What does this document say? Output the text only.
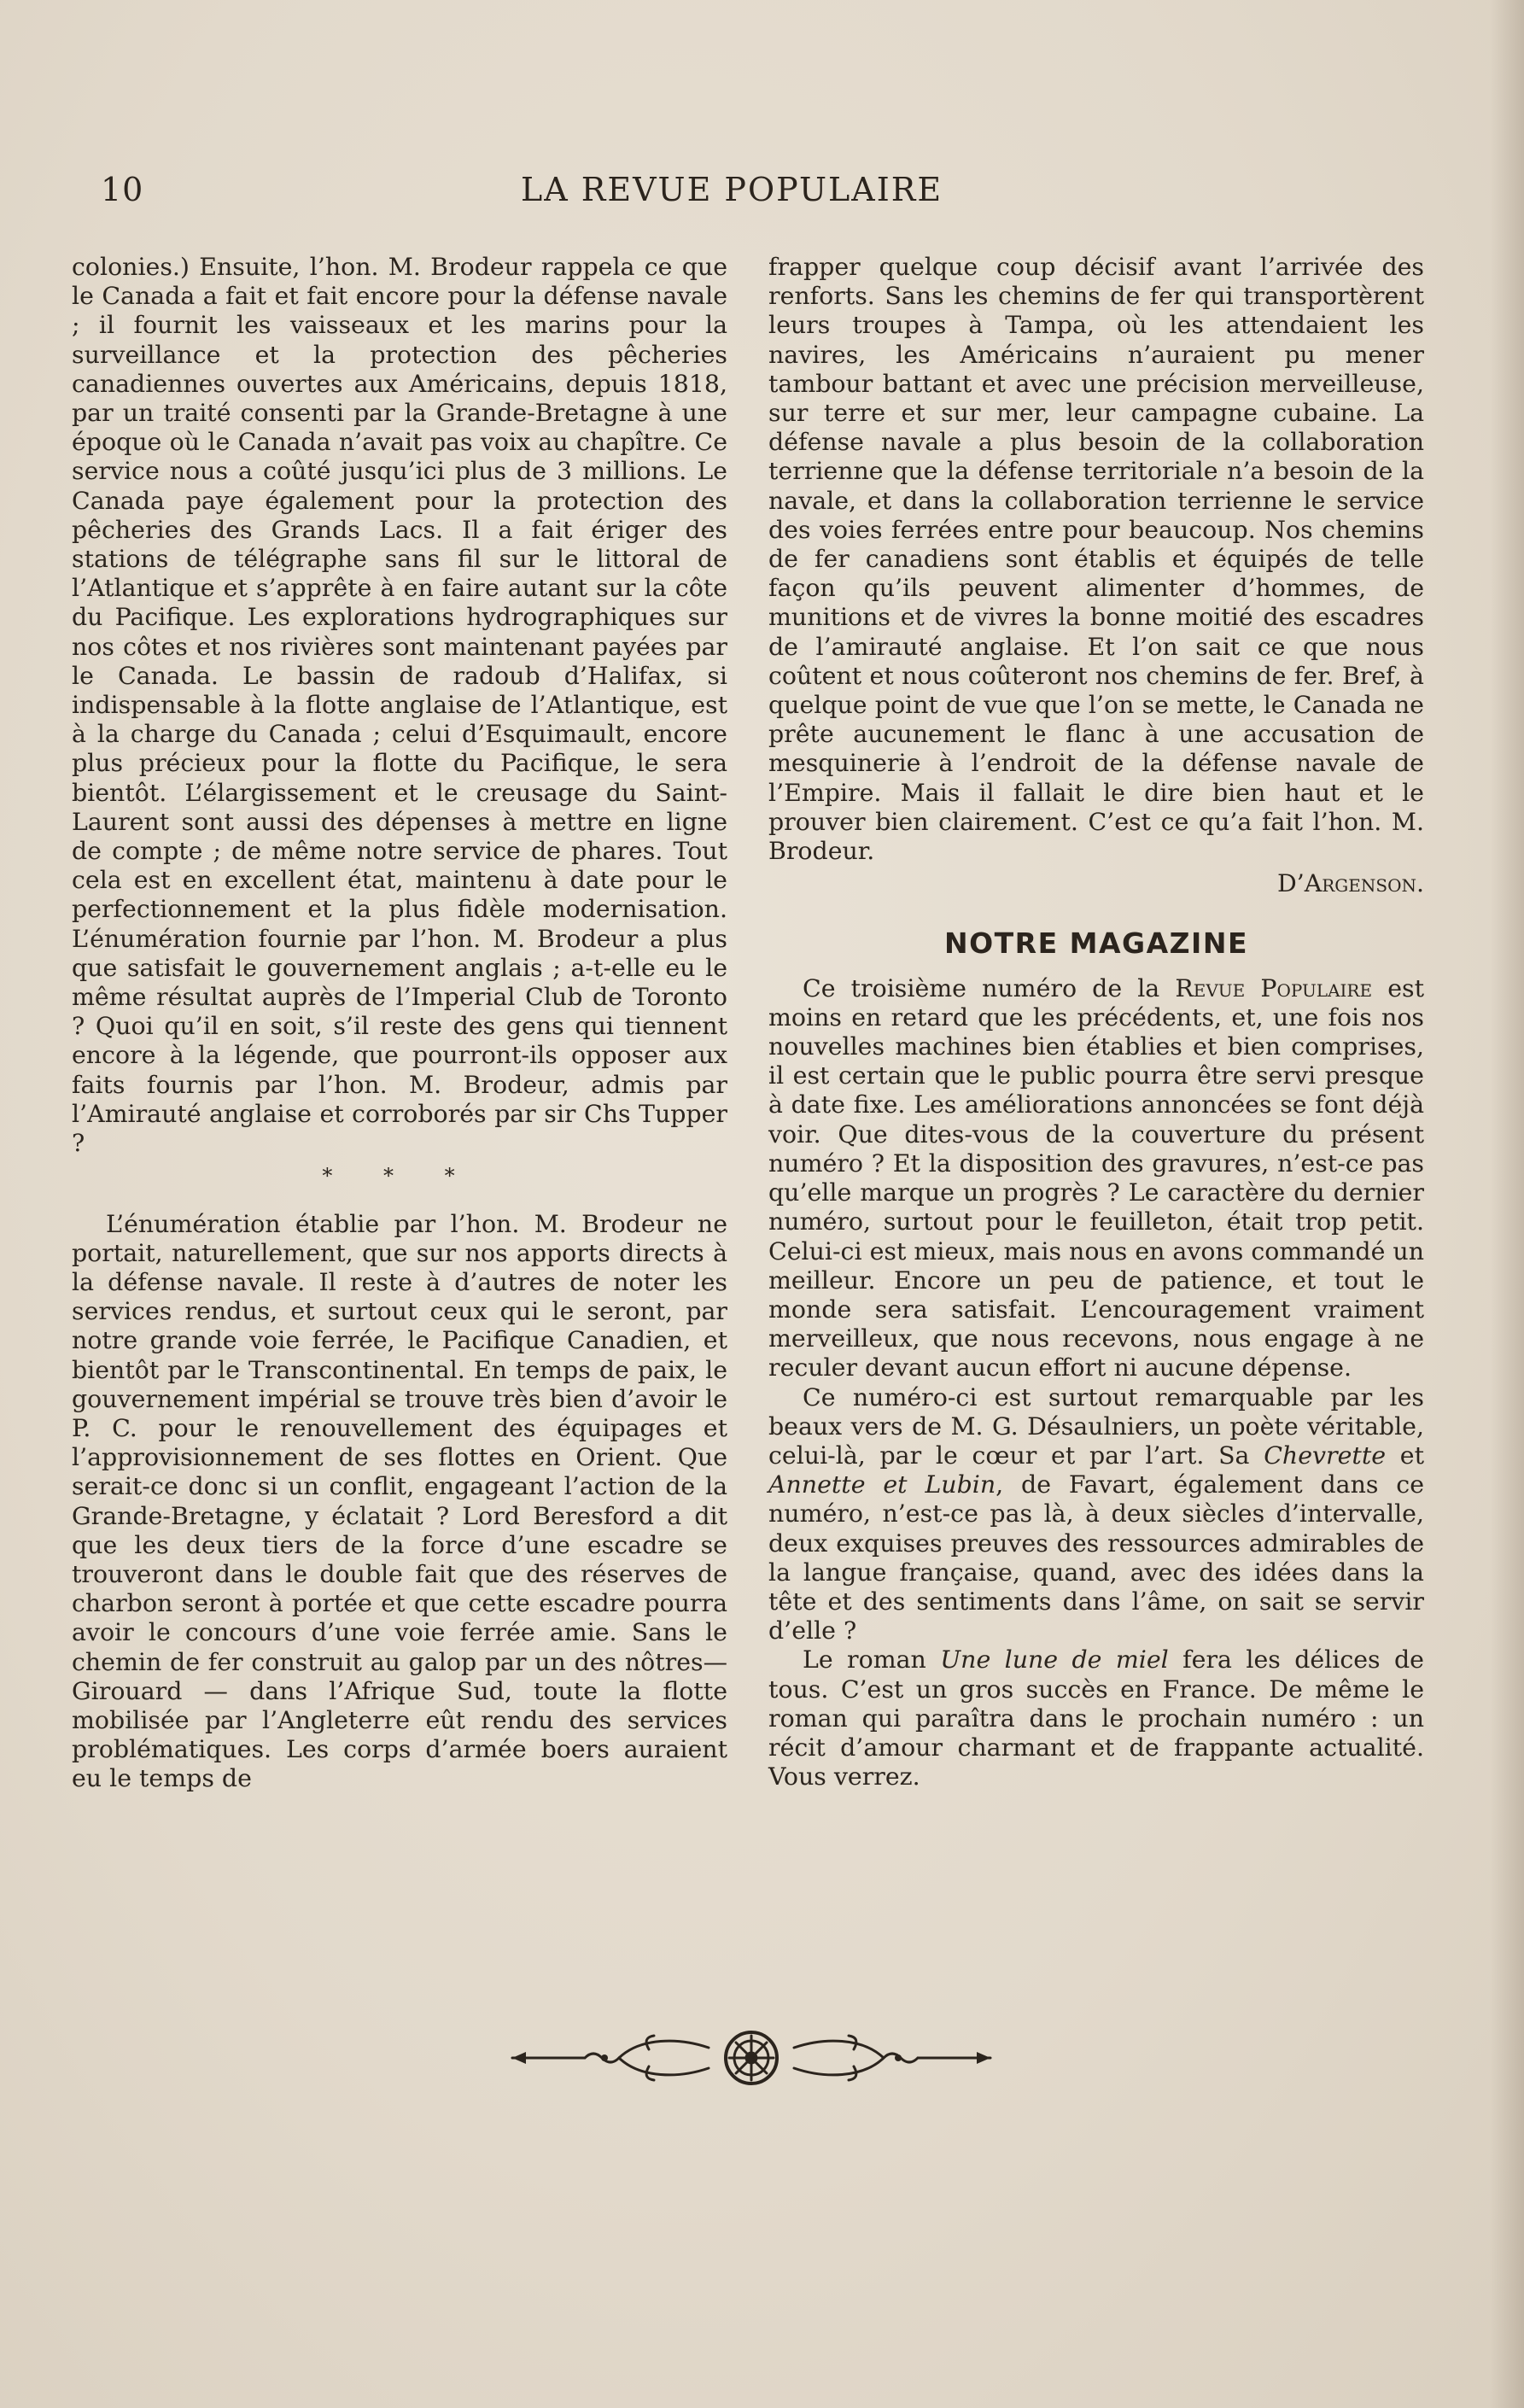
10	LA REVUE POPULAIRE

colonies.) Ensuite, l’hon. M. Brodeur rappela ce que le Canada a fait et fait encore pour la défense navale ; il fournit les vaisseaux et les marins pour la surveillance et la protection des pêcheries canadiennes ouvertes aux Américains, depuis 1818, par un traité consenti par la Grande-Bretagne à une époque où le Canada n’avait pas voix au chapître. Ce service nous a coûté jusqu’ici plus de 3 millions. Le Canada paye également pour la protection des pêcheries des Grands Lacs. Il a fait ériger des stations de télégraphe sans fil sur le littoral de l’Atlantique et s’apprête à en faire autant sur la côte du Pacifique. Les explorations hydrographiques sur nos côtes et nos rivières sont maintenant payées par le Canada. Le bassin de radoub d’Halifax, si indispensable à la flotte anglaise de l’Atlantique, est à la charge du Canada ; celui d’Esquimault, encore plus précieux pour la flotte du Pacifique, le sera bientôt. L’élargissement et le creusage du Saint-Laurent sont aussi des dépenses à mettre en ligne de compte ; de même notre service de phares. Tout cela est en excellent état, maintenu à date pour le perfectionnement et la plus fidèle modernisation. L’énumération fournie par l’hon. M. Brodeur a plus que satisfait le gouvernement anglais ; a-t-elle eu le même résultat auprès de l’Imperial Club de Toronto ? Quoi qu’il en soit, s’il reste des gens qui tiennent encore à la légende, que pourront-ils opposer aux faits fournis par l’hon. M. Brodeur, admis par l’Amirauté anglaise et corroborés par sir Chs Tupper ?

* * *

L’énumération établie par l’hon. M. Brodeur ne portait, naturellement, que sur nos apports directs à la défense navale. Il reste à d’autres de noter les services rendus, et surtout ceux qui le seront, par notre grande voie ferrée, le Pacifique Canadien, et bientôt par le Transcontinental. En temps de paix, le gouvernement impérial se trouve très bien d’avoir le P. C. pour le renouvellement des équipages et l’approvisionnement de ses flottes en Orient. Que serait-ce donc si un conflit, engageant l’action de la Grande-Bretagne, y éclatait ? Lord Beresford a dit que les deux tiers de la force d’une escadre se trouveront dans le double fait que des réserves de charbon seront à portée et que cette escadre pourra avoir le concours d’une voie ferrée amie. Sans le chemin de fer construit au galop par un des nôtres—Girouard — dans l’Afrique Sud, toute la flotte mobilisée par l’Angleterre eût rendu des services problématiques. Les corps d’armée boers auraient eu le temps de

frapper quelque coup décisif avant l’arrivée des renforts. Sans les chemins de fer qui transportèrent leurs troupes à Tampa, où les attendaient les navires, les Américains n’auraient pu mener tambour battant et avec une précision merveilleuse, sur terre et sur mer, leur campagne cubaine. La défense navale a plus besoin de la collaboration terrienne que la défense territoriale n’a besoin de la navale, et dans la collaboration terrienne le service des voies ferrées entre pour beaucoup. Nos chemins de fer canadiens sont établis et équipés de telle façon qu’ils peuvent alimenter d’hommes, de munitions et de vivres la bonne moitié des escadres de l’amirauté anglaise. Et l’on sait ce que nous coûtent et nous coûteront nos chemins de fer. Bref, à quelque point de vue que l’on se mette, le Canada ne prête aucunement le flanc à une accusation de mesquinerie à l’endroit de la défense navale de l’Empire. Mais il fallait le dire bien haut et le prouver bien clairement. C’est ce qu’a fait l’hon. M. Brodeur.

D’Argenson.

NOTRE MAGAZINE

Ce troisième numéro de la Revue Populaire est moins en retard que les précédents, et, une fois nos nouvelles machines bien établies et bien comprises, il est certain que le public pourra être servi presque à date fixe. Les améliorations annoncées se font déjà voir. Que dites-vous de la couverture du présent numéro ? Et la disposition des gravures, n’est-ce pas qu’elle marque un progrès ? Le caractère du dernier numéro, surtout pour le feuilleton, était trop petit. Celui-ci est mieux, mais nous en avons commandé un meilleur. Encore un peu de patience, et tout le monde sera satisfait. L’encouragement vraiment merveilleux, que nous recevons, nous engage à ne reculer devant aucun effort ni aucune dépense.

Ce numéro-ci est surtout remarquable par les beaux vers de M. G. Désaulniers, un poète véritable, celui-là, par le cœur et par l’art. Sa Chevrette et Annette et Lubin, de Favart, également dans ce numéro, n’est-ce pas là, à deux siècles d’intervalle, deux exquises preuves des ressources admirables de la langue française, quand, avec des idées dans la tête et des sentiments dans l’âme, on sait se servir d’elle ?

Le roman Une lune de miel fera les délices de tous. C’est un gros succès en France. De même le roman qui paraîtra dans le prochain numéro : un récit d’amour charmant et de frappante actualité. Vous verrez.
